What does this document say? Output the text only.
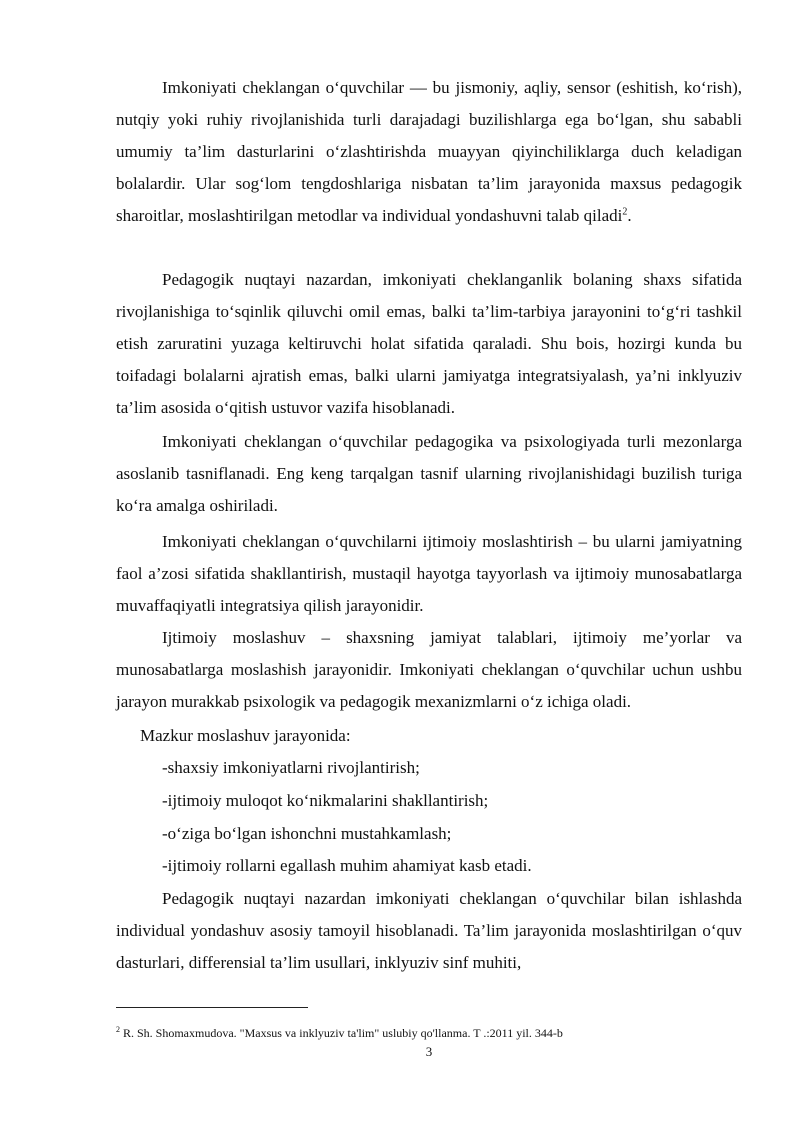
Imkoniyati cheklangan oʻquvchilar — bu jismoniy, aqliy, sensor (eshitish, koʻrish), nutqiy yoki ruhiy rivojlanishida turli darajadagi buzilishlarga ega boʻlgan, shu sababli umumiy ta’lim dasturlarini oʻzlashtirishda muayyan qiyinchiliklarga duch keladigan bolalardir. Ular sogʻlom tengdoshlariga nisbatan ta’lim jarayonida maxsus pedagogik sharoitlar, moslashtirilgan metodlar va individual yondashuvni talab qiladi$^2$.

Pedagogik nuqtayi nazardan, imkoniyati cheklanganlik bolaning shaxs sifatida rivojlanishiga toʻsqinlik qiluvchi omil emas, balki ta’lim-tarbiya jarayonini toʻgʻri tashkil etish zaruratini yuzaga keltiruvchi holat sifatida qaraladi. Shu bois, hozirgi kunda bu toifadagi bolalarni ajratish emas, balki ularni jamiyatga integratsiyalash, ya’ni inklyuziv ta’lim asosida oʻqitish ustuvor vazifa hisoblanadi.

Imkoniyati cheklangan oʻquvchilar pedagogika va psixologiyada turli mezonlarga asoslanib tasniflanadi. Eng keng tarqalgan tasnif ularning rivojlanishidagi buzilish turiga koʻra amalga oshiriladi.

Imkoniyati cheklangan oʻquvchilarni ijtimoiy moslashtirish – bu ularni jamiyatning faol a’zosi sifatida shakllantirish, mustaqil hayotga tayyorlash va ijtimoiy munosabatlarga muvaffaqiyatli integratsiya qilish jarayonidir.

Ijtimoiy moslashuv – shaxsning jamiyat talablari, ijtimoiy me’yorlar va munosabatlarga moslashish jarayonidir. Imkoniyati cheklangan oʻquvchilar uchun ushbu jarayon murakkab psixologik va pedagogik mexanizmlarni oʻz ichiga oladi.

Mazkur moslashuv jarayonida:

-shaxsiy imkoniyatlarni rivojlantirish;

-ijtimoiy muloqot koʻnikmalarini shakllantirish;

-oʻziga boʻlgan ishonchni mustahkamlash;

-ijtimoiy rollarni egallash muhim ahamiyat kasb etadi.

Pedagogik nuqtayi nazardan imkoniyati cheklangan oʻquvchilar bilan ishlashda individual yondashuv asosiy tamoyil hisoblanadi. Ta’lim jarayonida moslashtirilgan oʻquv dasturlari, differensial ta’lim usullari, inklyuziv sinf muhiti,

$^2$ R. Sh. Shomaxmudova. "Maxsus va inklyuziv ta'lim" uslubiy qo'llanma. T .:2011 yil. 344-b
3
